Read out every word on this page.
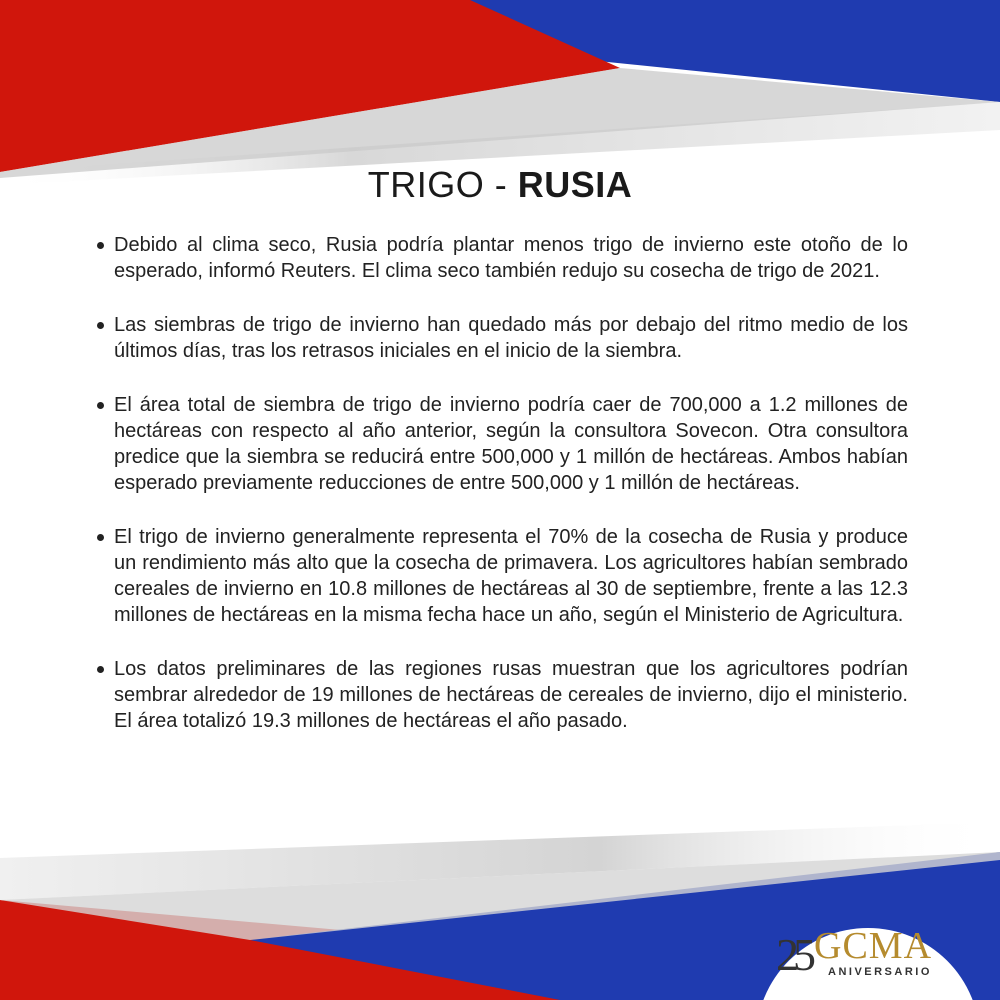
TRIGO - RUSIA
Debido al clima seco, Rusia podría plantar menos trigo de invierno este otoño de lo esperado, informó Reuters. El clima seco también redujo su cosecha de trigo de 2021.
Las siembras de trigo de invierno han quedado más por debajo del ritmo medio de los últimos días, tras los retrasos iniciales en el inicio de la siembra.
El área total de siembra de trigo de invierno podría caer de 700,000 a 1.2 millones de hectáreas con respecto al año anterior, según la consultora Sovecon. Otra consultora predice que la siembra se reducirá entre 500,000 y 1 millón de hectáreas. Ambos habían esperado previamente reducciones de entre 500,000 y 1 millón de hectáreas.
El trigo de invierno generalmente representa el 70% de la cosecha de Rusia y produce un rendimiento más alto que la cosecha de primavera. Los agricultores habían sembrado cereales de invierno en 10.8 millones de hectáreas al 30 de septiembre, frente a las 12.3 millones de hectáreas en la misma fecha hace un año, según el Ministerio de Agricultura.
Los datos preliminares de las regiones rusas muestran que los agricultores podrían sembrar alrededor de 19 millones de hectáreas de cereales de invierno, dijo el ministerio. El área totalizó 19.3 millones de hectáreas el año pasado.
25 GCMA
ANIVERSARIO
